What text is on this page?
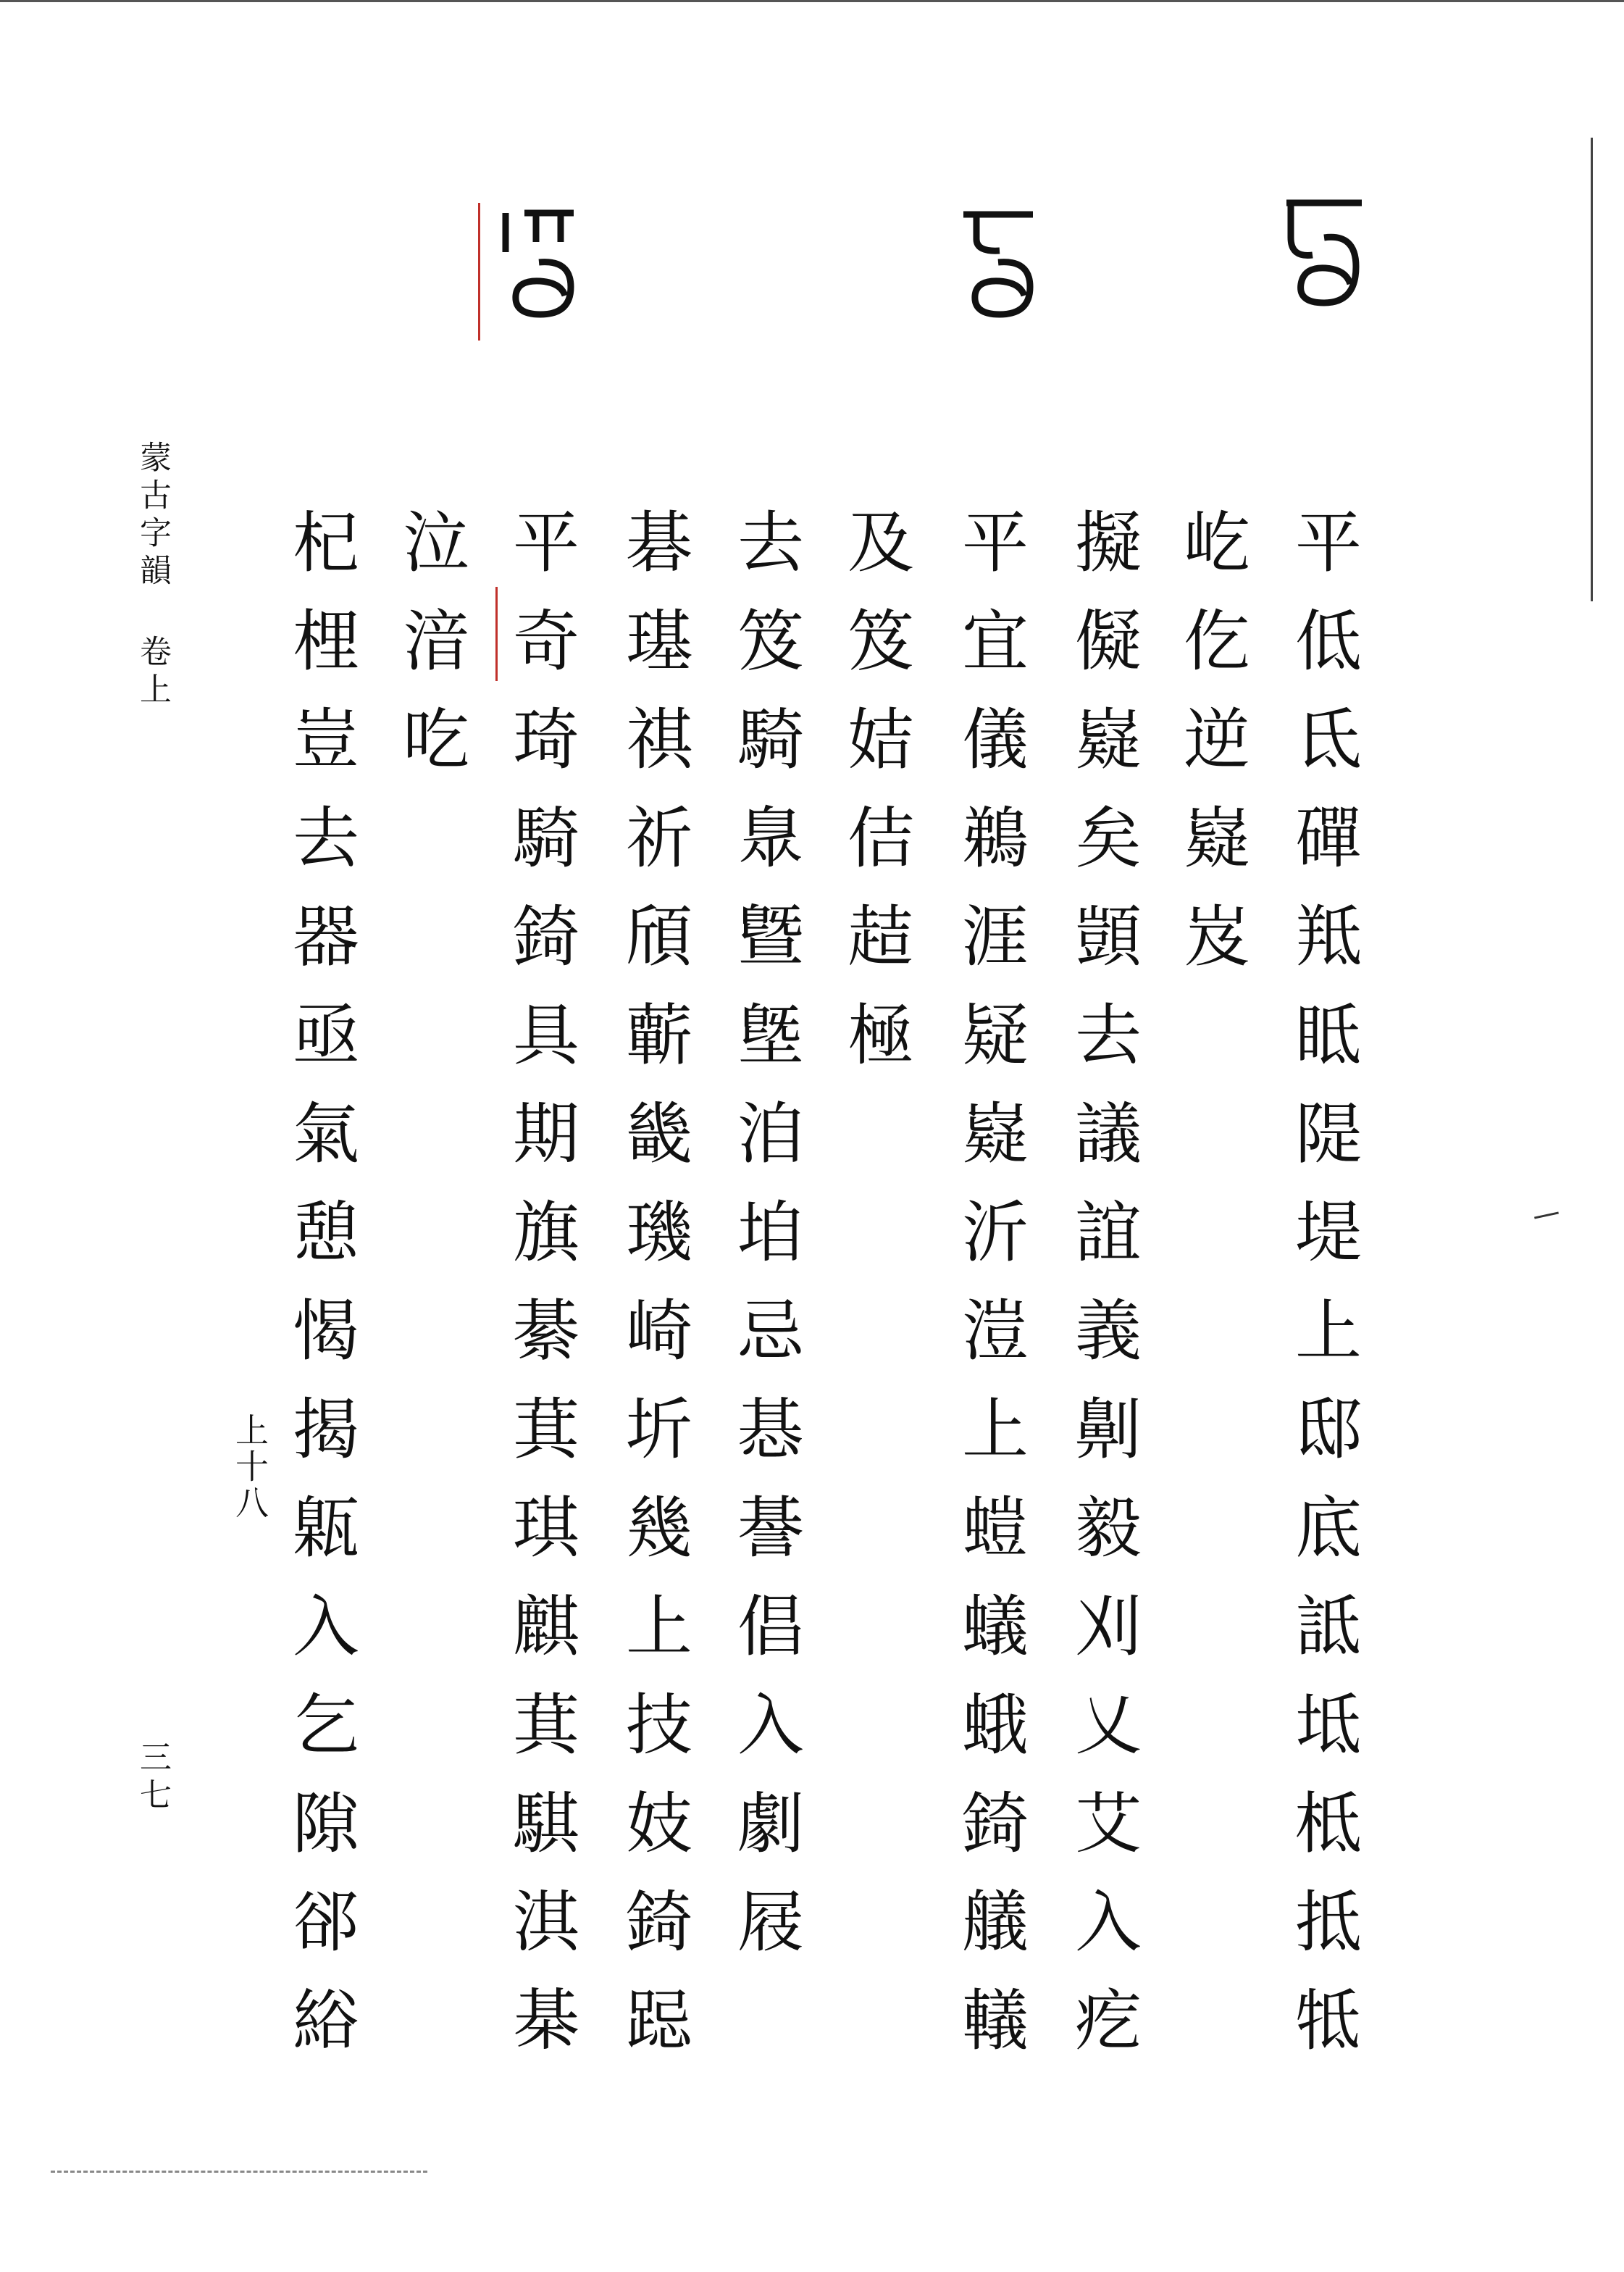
平低氐磾羝眡隄堤上邸底詆坻柢抵牴
屹仡逆嶷岌
擬儗嶷矣顗去議誼義劓毅刈乂艾入疙
平宜儀鵜涯疑嶷沂溰上螘蟻蛾錡艤轙
及笈姞佶趌極
去笈騎臮曁墍洎垍忌惎諅倡入劇屐
碁璂祺祈頎蘄畿璣崎圻幾上技妓錡跽
平奇琦騎錡具期旗綦萁琪麒萁騏淇棊
泣湆吃
杞梩豈去器亟氣憩愒揭甈入乞隙郤綌
蒙古字韻
卷上
三七
上十八
